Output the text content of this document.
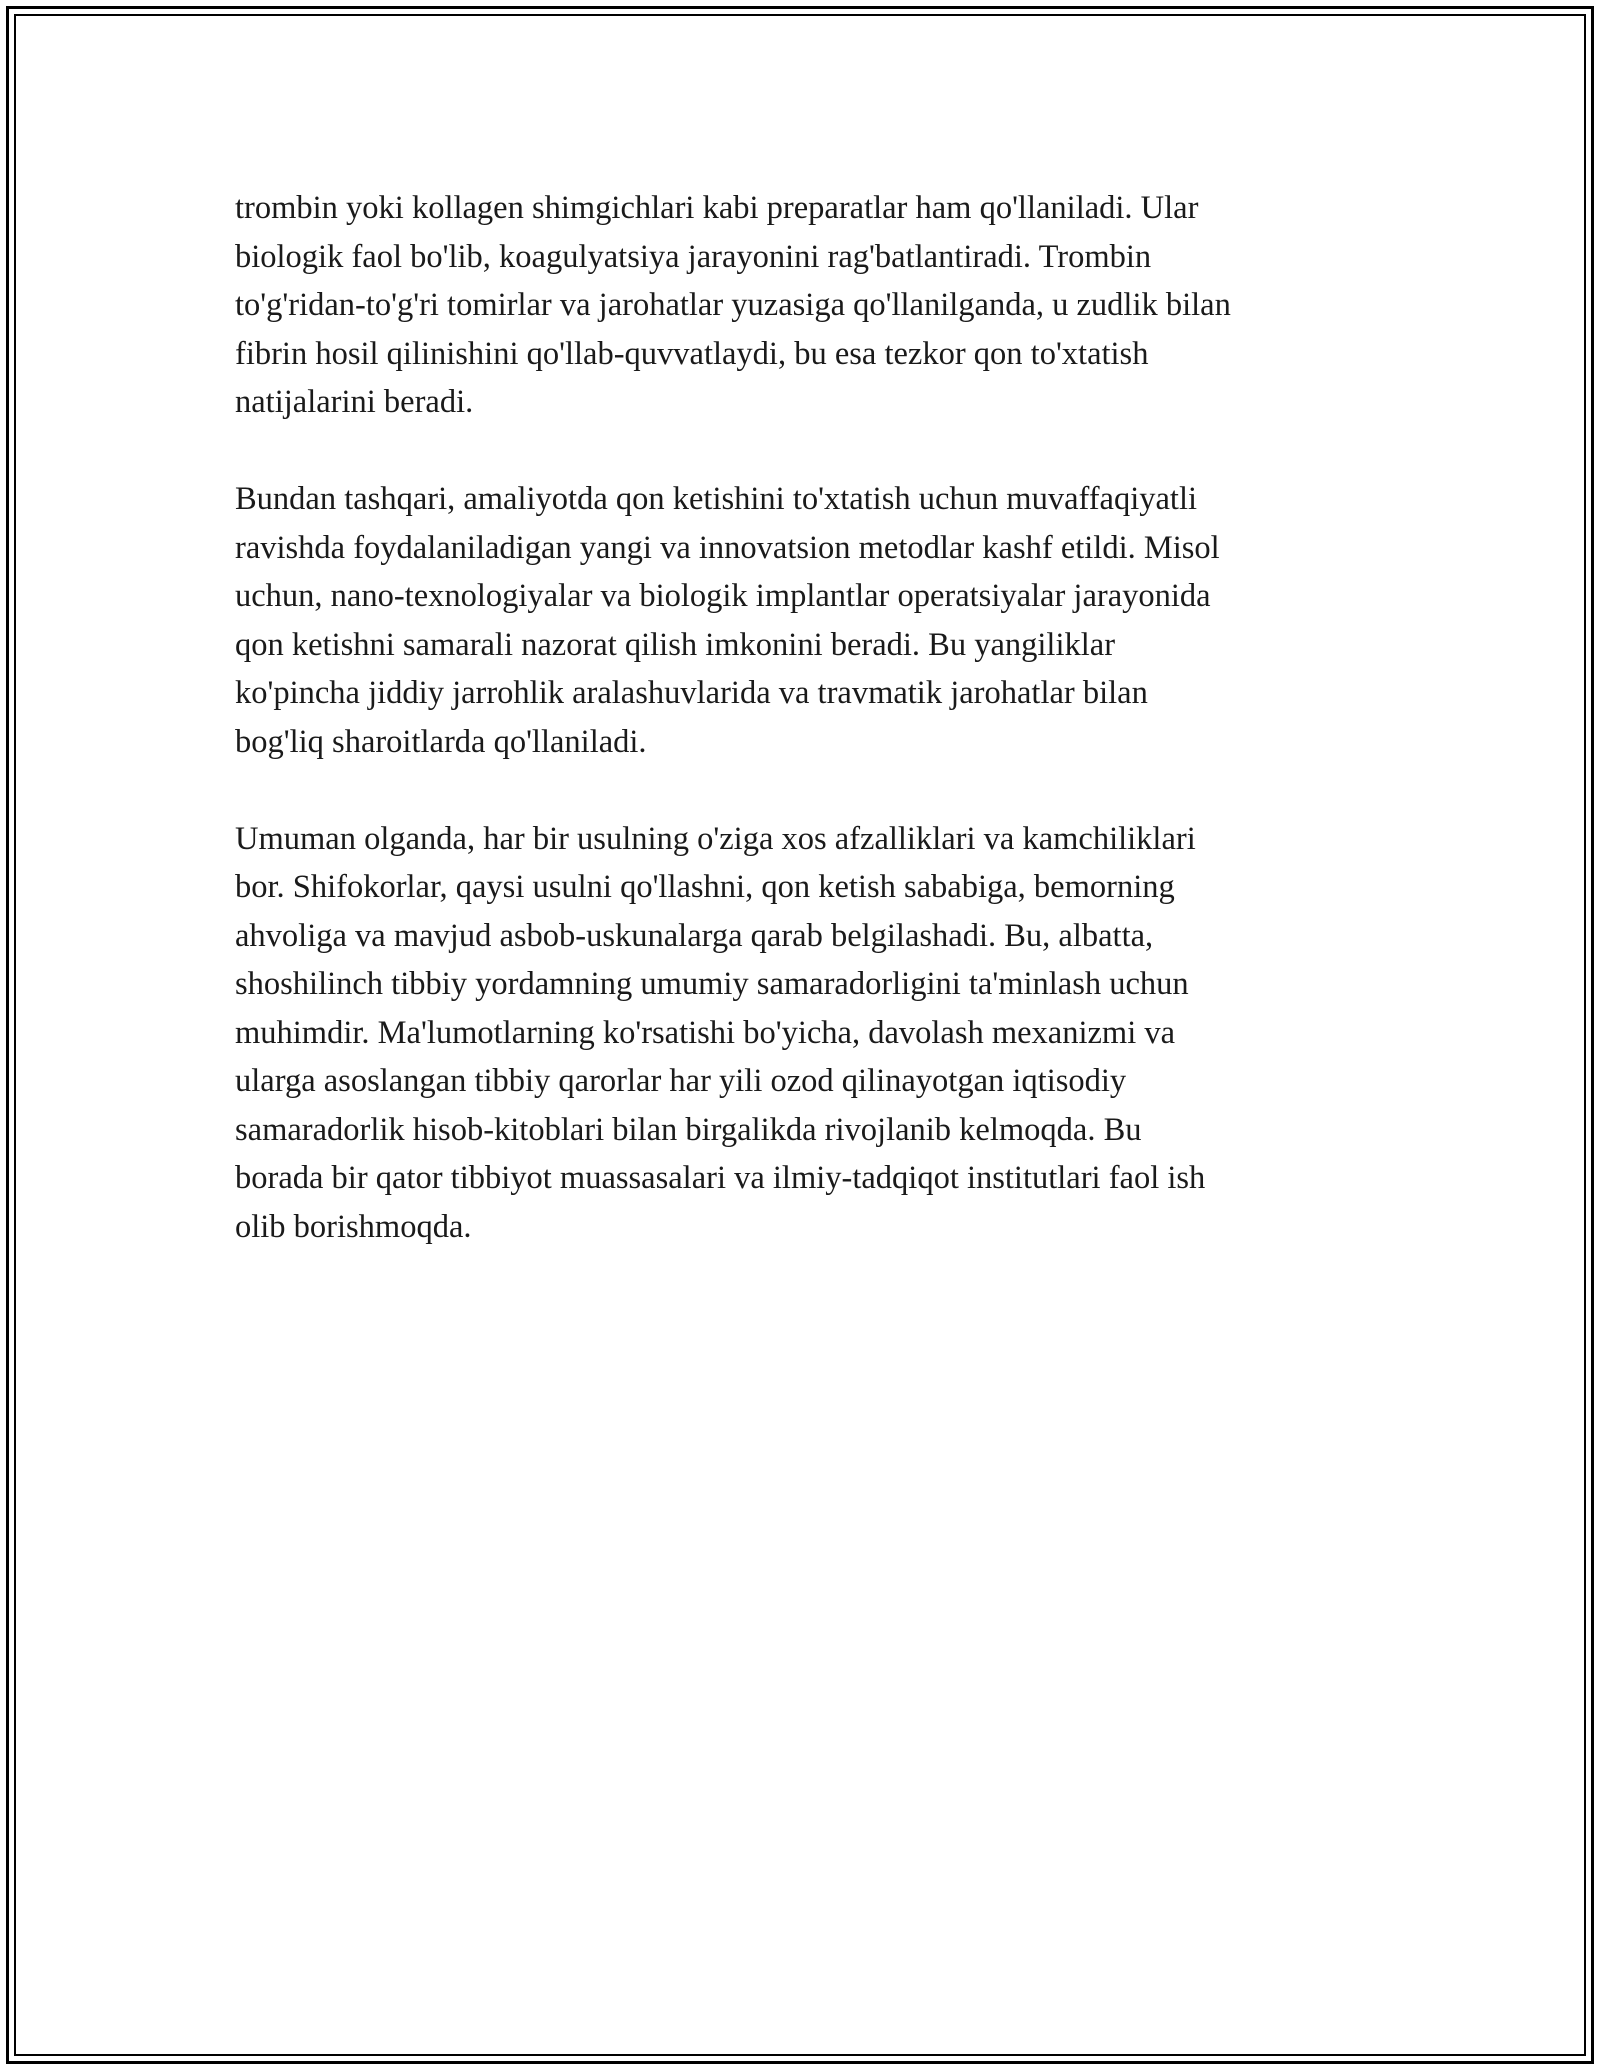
trombin yoki kollagen shimgichlari kabi preparatlar ham qo'llaniladi. Ular
biologik faol bo'lib, koagulyatsiya jarayonini rag'batlantiradi. Trombin
to'g'ridan-to'g'ri tomirlar va jarohatlar yuzasiga qo'llanilganda, u zudlik bilan
fibrin hosil qilinishini qo'llab-quvvatlaydi, bu esa tezkor qon to'xtatish
natijalarini beradi.

Bundan tashqari, amaliyotda qon ketishini to'xtatish uchun muvaffaqiyatli
ravishda foydalaniladigan yangi va innovatsion metodlar kashf etildi. Misol
uchun, nano-texnologiyalar va biologik implantlar operatsiyalar jarayonida
qon ketishni samarali nazorat qilish imkonini beradi. Bu yangiliklar
ko'pincha jiddiy jarrohlik aralashuvlarida va travmatik jarohatlar bilan
bog'liq sharoitlarda qo'llaniladi.

Umuman olganda, har bir usulning o'ziga xos afzalliklari va kamchiliklari
bor. Shifokorlar, qaysi usulni qo'llashni, qon ketish sababiga, bemorning
ahvoliga va mavjud asbob-uskunalarga qarab belgilashadi. Bu, albatta,
shoshilinch tibbiy yordamning umumiy samaradorligini ta'minlash uchun
muhimdir. Ma'lumotlarning ko'rsatishi bo'yicha, davolash mexanizmi va
ularga asoslangan tibbiy qarorlar har yili ozod qilinayotgan iqtisodiy
samaradorlik hisob-kitoblari bilan birgalikda rivojlanib kelmoqda. Bu
borada bir qator tibbiyot muassasalari va ilmiy-tadqiqot institutlari faol ish
olib borishmoqda.
